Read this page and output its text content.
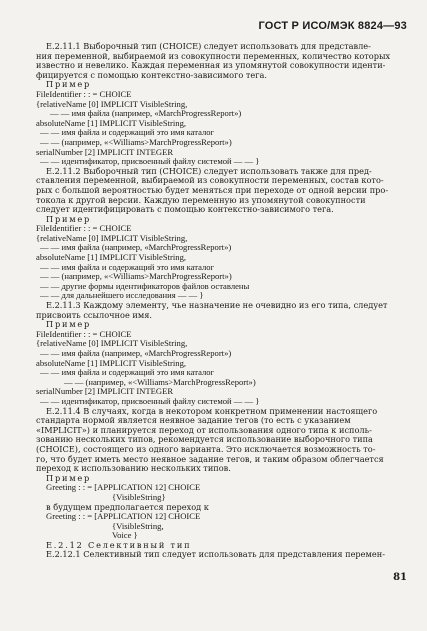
ГОСТ Р ИСО/МЭК 8824—93
E.2.11.1 Выборочный тип (CHOICE) следует использовать для представле-
ния переменной, выбираемой из совокупности переменных, количество которых
известно и невелико. Каждая переменная из упомянутой совокупности иденти-
фицируется с помощью контекстно-зависимого тега.
Пример
FileIdentifier : : = CHOICE
{relativeName [0] IMPLICIT VisibleString,
— — имя файла (например, «MarchProgressReport»)
absoluteName [1] IMPLICIT VisibleString,
— — имя файла и содержащий это имя каталог
— — (например, «<Williams>MarchProgressReport»)
serialNumber [2] IMPLICIT INTEGER
— — идентификатор, присвоенный файлу системой — — }
E.2.11.2 Выборочный тип (CHOICE) следует использовать также для пред-
ставления переменной, выбираемой из совокупности переменных, состав кото-
рых с большой вероятностью будет меняться при переходе от одной версии про-
токола к другой версии. Каждую переменную из упомянутой совокупности
следует идентифицировать с помощью контекстно-зависимого тега.
Пример
FileIdentifier : : = CHOICE
{relativeName [0] IMPLICIT VisibleString,
— — имя файла (например, «MarchProgressReport»)
absoluteName [1] IMPLICIT VisibleString,
— — имя файла и содержащий это имя каталог
— — (например, «<Williams>MarchProgressReport»)
— — другие формы идентификаторов файлов оставлены
— — для дальнейшего исследования — — }
E.2.11.3 Каждому элементу, чье назначение не очевидно из его типа, следует
присвоить ссылочное имя.
Пример
FileIdentifier : : = CHOICE
{relativeName [0] IMPLICIT VisibleString,
— — имя файла (например, «MarchProgressReport»)
absoluteName [1] IMPLICIT VisibleString,
— — имя файла и содержащий это имя каталог
— — (например, «<Williams>MarchProgressReport»)
serialNumber [2] IMPLICIT INTEGER
— — идентификатор, присвоенный файлу системой — — }
E.2.11.4 В случаях, когда в некотором конкретном применении настоящего
стандарта нормой является неявное задание тегов (то есть с указанием
«IMPLICIT») и планируется переход от использования одного типа к исполь-
зованию нескольких типов, рекомендуется использование выборочного типа
(CHOICE), состоящего из одного варианта. Это исключается возможность то-
го, что будет иметь место неявное задание тегов, и таким образом облегчается
переход к использованию нескольких типов.
Пример
Greeting : : = [APPLICATION 12] CHOICE
{VisibleString}
в будущем предполагается переход к
Greeting : : = [APPLICATION 12] CHOICE
{VisibleString,
Voice }
E.2.12 Селективный тип
E.2.12.1 Селективный тип следует использовать для представления перемен-
81
